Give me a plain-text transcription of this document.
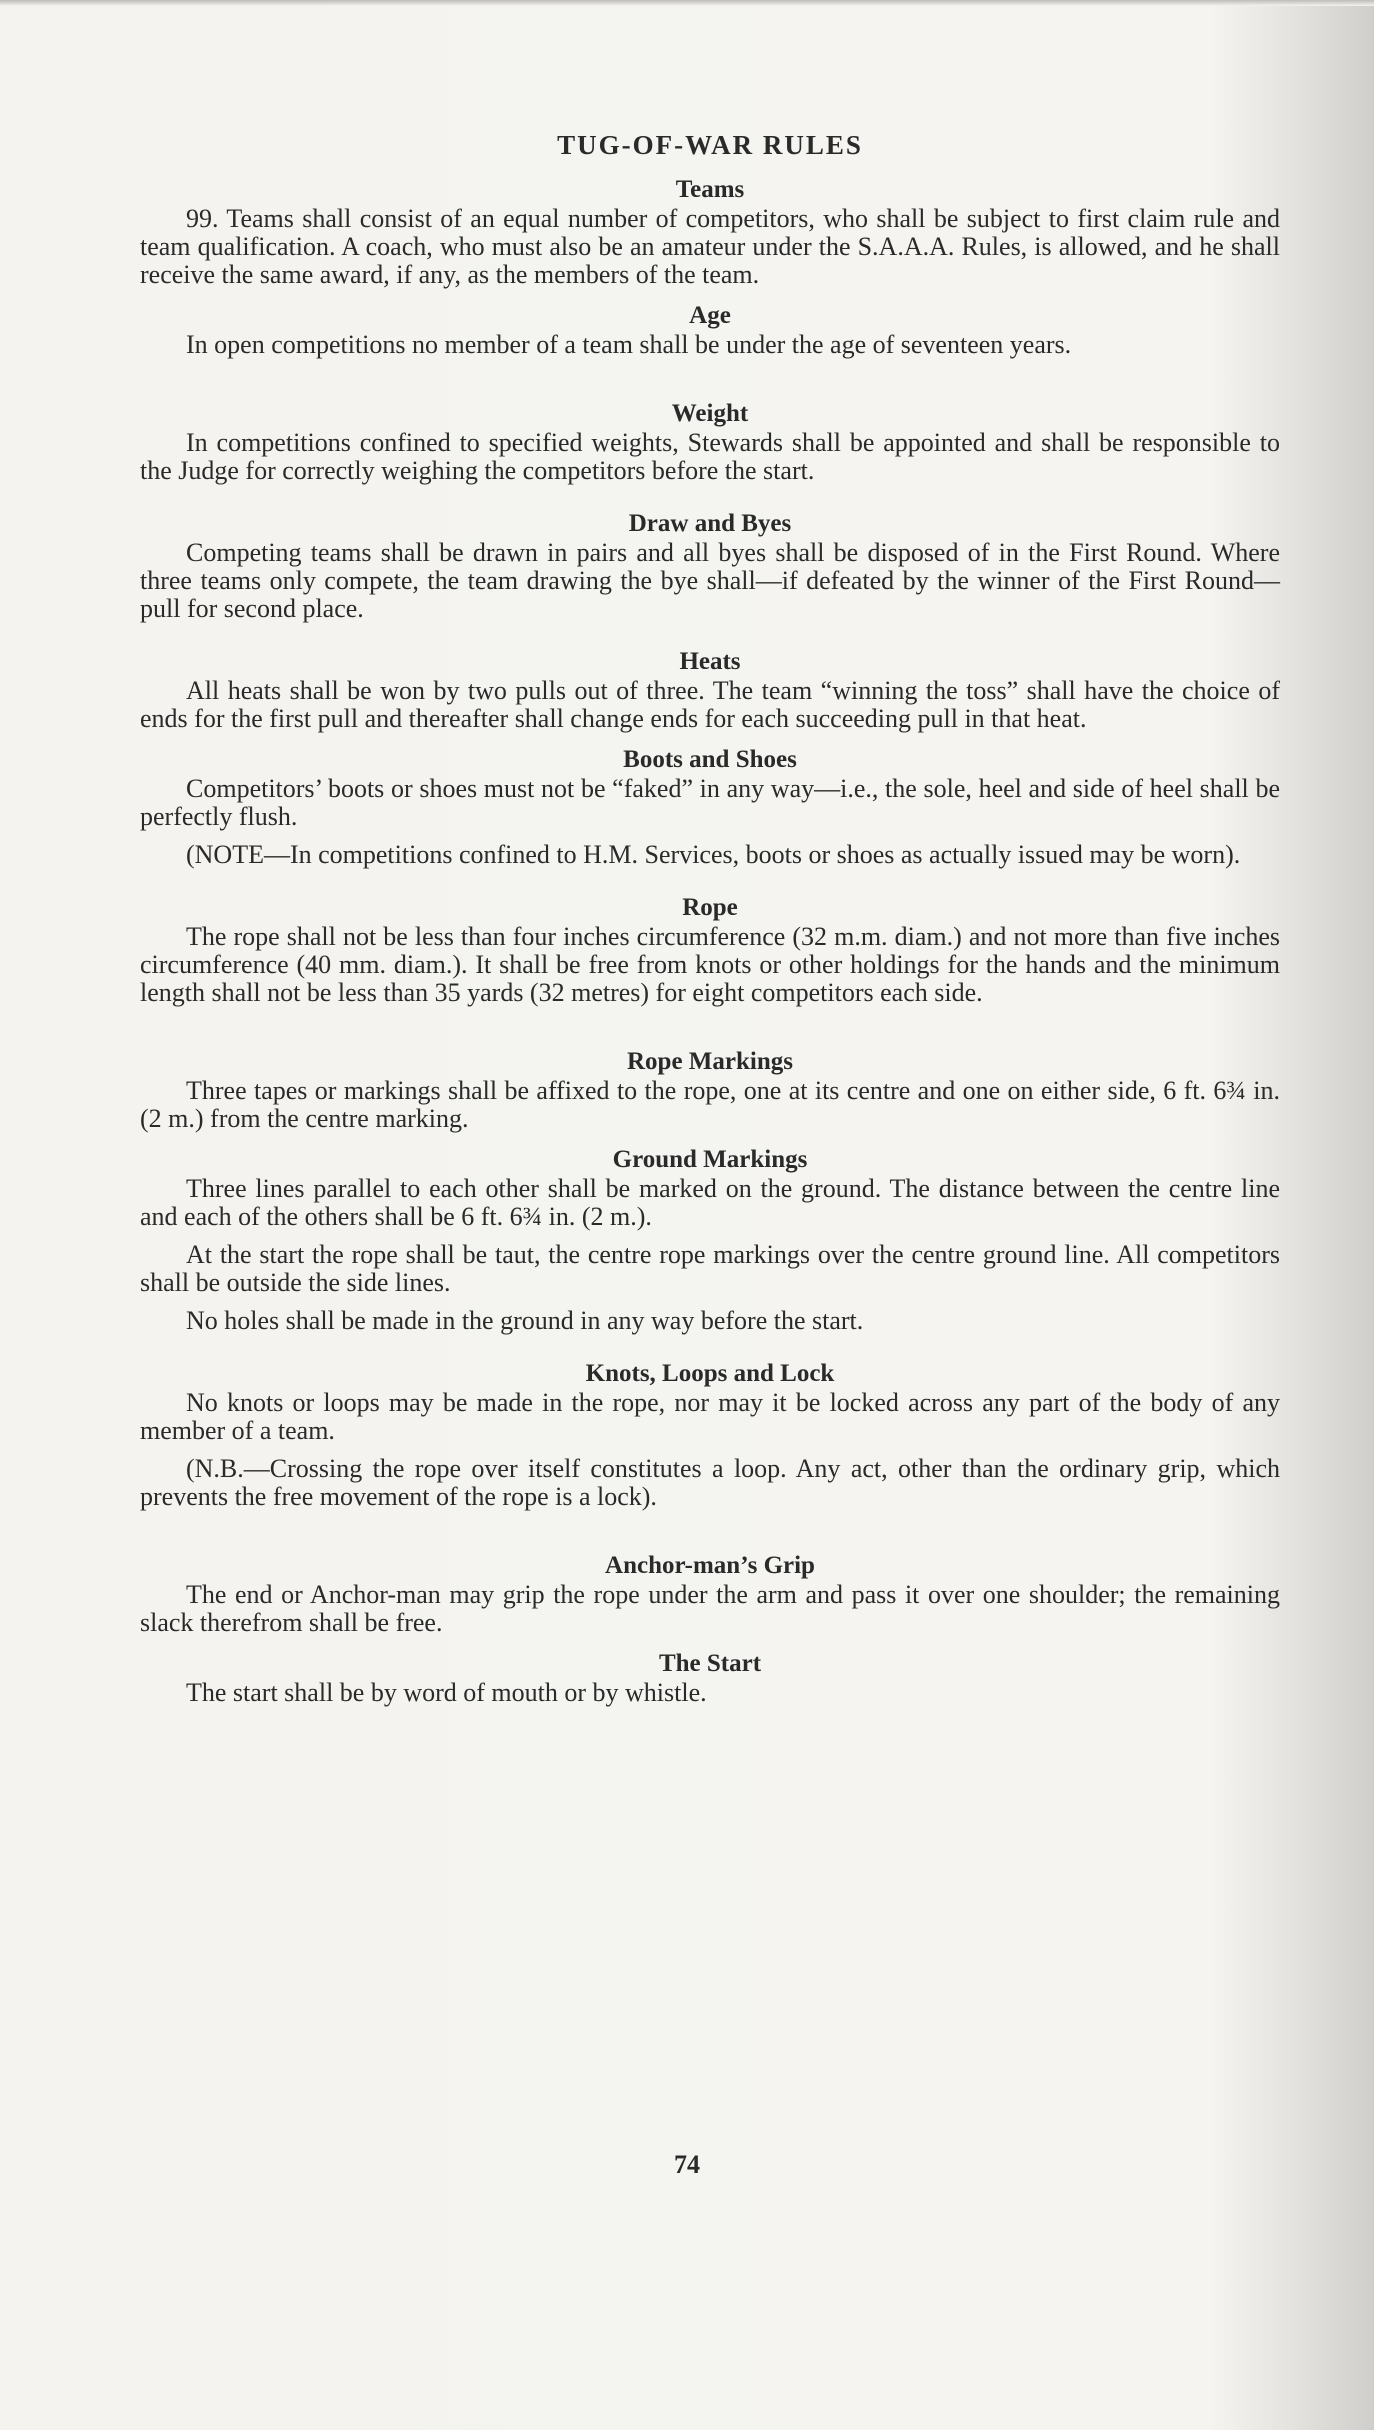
TUG-OF-WAR RULES
Teams

99. Teams shall consist of an equal number of competitors, who shall be subject to first claim rule and team qualification. A coach, who must also be an amateur under the S.A.A.A. Rules, is allowed, and he shall receive the same award, if any, as the members of the team.

Age

In open competitions no member of a team shall be under the age of seventeen years.

Weight

In competitions confined to specified weights, Stewards shall be appointed and shall be responsible to the Judge for correctly weighing the competitors before the start.

Draw and Byes

Competing teams shall be drawn in pairs and all byes shall be disposed of in the First Round. Where three teams only compete, the team drawing the bye shall—if defeated by the winner of the First Round—pull for second place.

Heats

All heats shall be won by two pulls out of three. The team “winning the toss” shall have the choice of ends for the first pull and thereafter shall change ends for each succeeding pull in that heat.

Boots and Shoes

Competitors’ boots or shoes must not be “faked” in any way—i.e., the sole, heel and side of heel shall be perfectly flush.

(NOTE—In competitions confined to H.M. Services, boots or shoes as actually issued may be worn).

Rope

The rope shall not be less than four inches circumference (32 m.m. diam.) and not more than five inches circumference (40 mm. diam.). It shall be free from knots or other holdings for the hands and the minimum length shall not be less than 35 yards (32 metres) for eight competitors each side.

Rope Markings

Three tapes or markings shall be affixed to the rope, one at its centre and one on either side, 6 ft. 6¾ in. (2 m.) from the centre marking.

Ground Markings

Three lines parallel to each other shall be marked on the ground. The distance between the centre line and each of the others shall be 6 ft. 6¾ in. (2 m.).

At the start the rope shall be taut, the centre rope markings over the centre ground line. All competitors shall be outside the side lines.

No holes shall be made in the ground in any way before the start.

Knots, Loops and Lock

No knots or loops may be made in the rope, nor may it be locked across any part of the body of any member of a team.

(N.B.—Crossing the rope over itself constitutes a loop. Any act, other than the ordinary grip, which prevents the free movement of the rope is a lock).

Anchor-man’s Grip

The end or Anchor-man may grip the rope under the arm and pass it over one shoulder; the remaining slack therefrom shall be free.

The Start

The start shall be by word of mouth or by whistle.

74
